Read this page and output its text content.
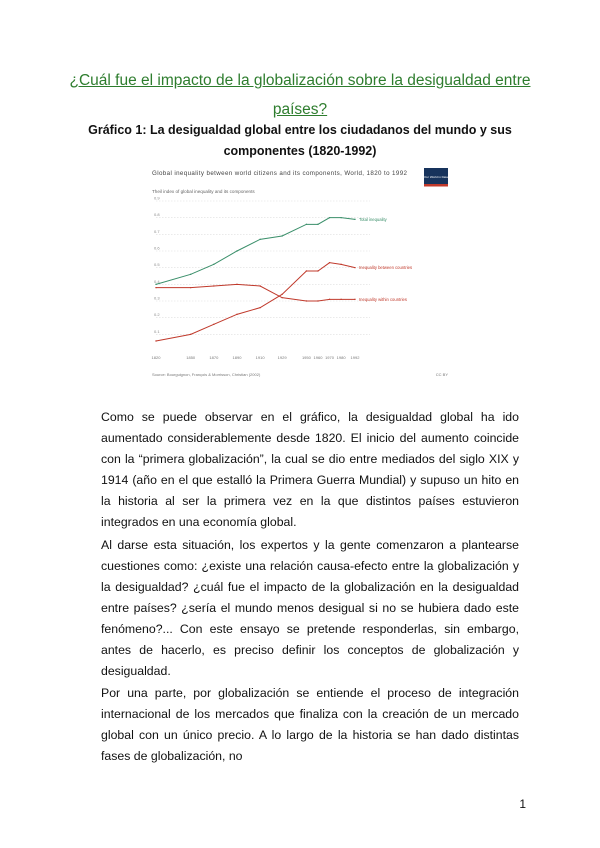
¿Cuál fue el impacto de la globalización sobre la desigualdad entre países?
Gráfico 1: La desigualdad global entre los ciudadanos del mundo y sus componentes (1820-1992)
Global inequality between world citizens and its components, World, 1820 to 1992
Theil index of global inequality and its components
Our World in Data
0.9
0.8
0.7
0.6
0.5
0.4
0.3
0.2
0.1
1820	1850	1870	1890	1910	1929	1950 1960 1970 1980 1992
Total inequality
Inequality between countries
Inequality within countries
Source: Bourguignon, François & Morrisson, Christian (2002)	CC BY
Como se puede observar en el gráfico, la desigualdad global ha ido aumentado considerablemente desde 1820. El inicio del aumento coincide con la “primera globalización”, la cual se dio entre mediados del siglo XIX y 1914 (año en el que estalló la Primera Guerra Mundial) y supuso un hito en la historia al ser la primera vez en la que distintos países estuvieron integrados en una economía global.
Al darse esta situación, los expertos y la gente comenzaron a plantearse cuestiones como: ¿existe una relación causa-efecto entre la globalización y la desigualdad? ¿cuál fue el impacto de la globalización en la desigualdad entre países? ¿sería el mundo menos desigual si no se hubiera dado este fenómeno?... Con este ensayo se pretende responderlas, sin embargo, antes de hacerlo, es preciso definir los conceptos de globalización y desigualdad.
Por una parte, por globalización se entiende el proceso de integración internacional de los mercados que finaliza con la creación de un mercado global con un único precio. A lo largo de la historia se han dado distintas fases de globalización, no
1
